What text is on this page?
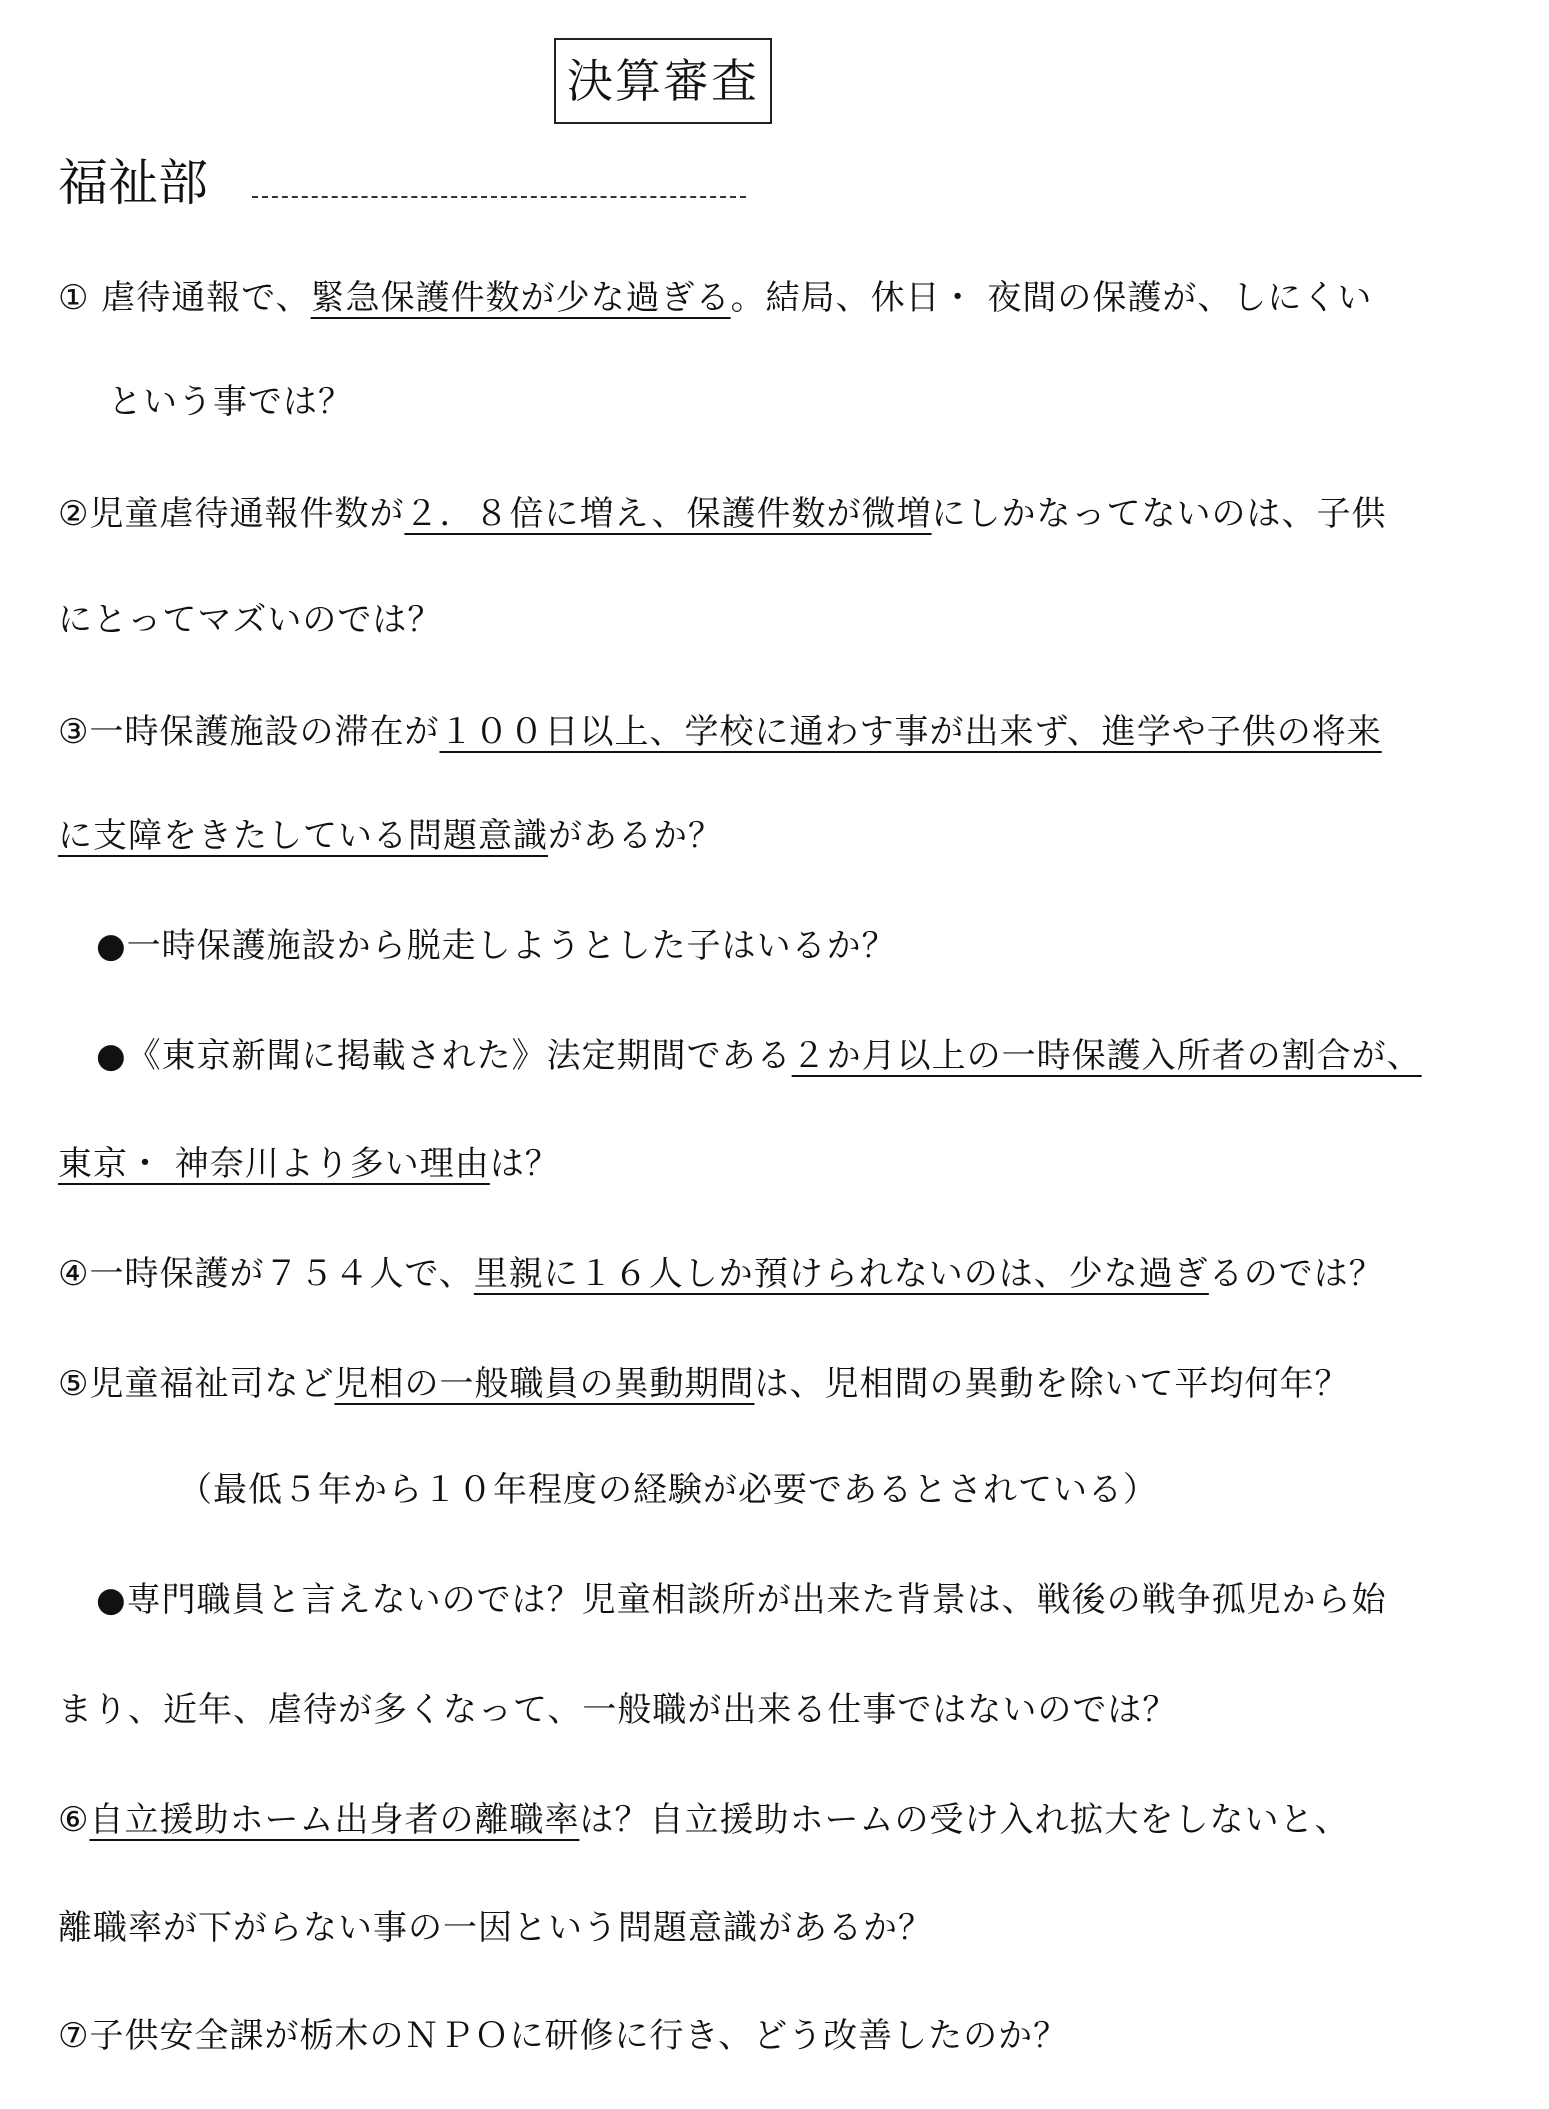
決算審査
福祉部
① 虐待通報で、緊急保護件数が少な過ぎる。結局、休日・ 夜間の保護が、しにくい
という事では？
②児童虐待通報件数が２．８倍に増え、保護件数が微増にしかなってないのは、子供
にとってマズいのでは？
③一時保護施設の滞在が１００日以上、学校に通わす事が出来ず、進学や子供の将来
に支障をきたしている問題意識があるか？
●一時保護施設から脱走しようとした子はいるか？
●《東京新聞に掲載された》法定期間である２か月以上の一時保護入所者の割合が、
東京・ 神奈川より多い理由は？
④一時保護が７５４人で、里親に１６人しか預けられないのは、少な過ぎるのでは？
⑤児童福祉司など児相の一般職員の異動期間は、児相間の異動を除いて平均何年？
（最低５年から１０年程度の経験が必要であるとされている）
●専門職員と言えないのでは？児童相談所が出来た背景は、戦後の戦争孤児から始
まり、近年、虐待が多くなって、一般職が出来る仕事ではないのでは？
⑥自立援助ホーム出身者の離職率は？自立援助ホームの受け入れ拡大をしないと、
離職率が下がらない事の一因という問題意識があるか？
⑦子供安全課が栃木のＮＰＯに研修に行き、どう改善したのか？
